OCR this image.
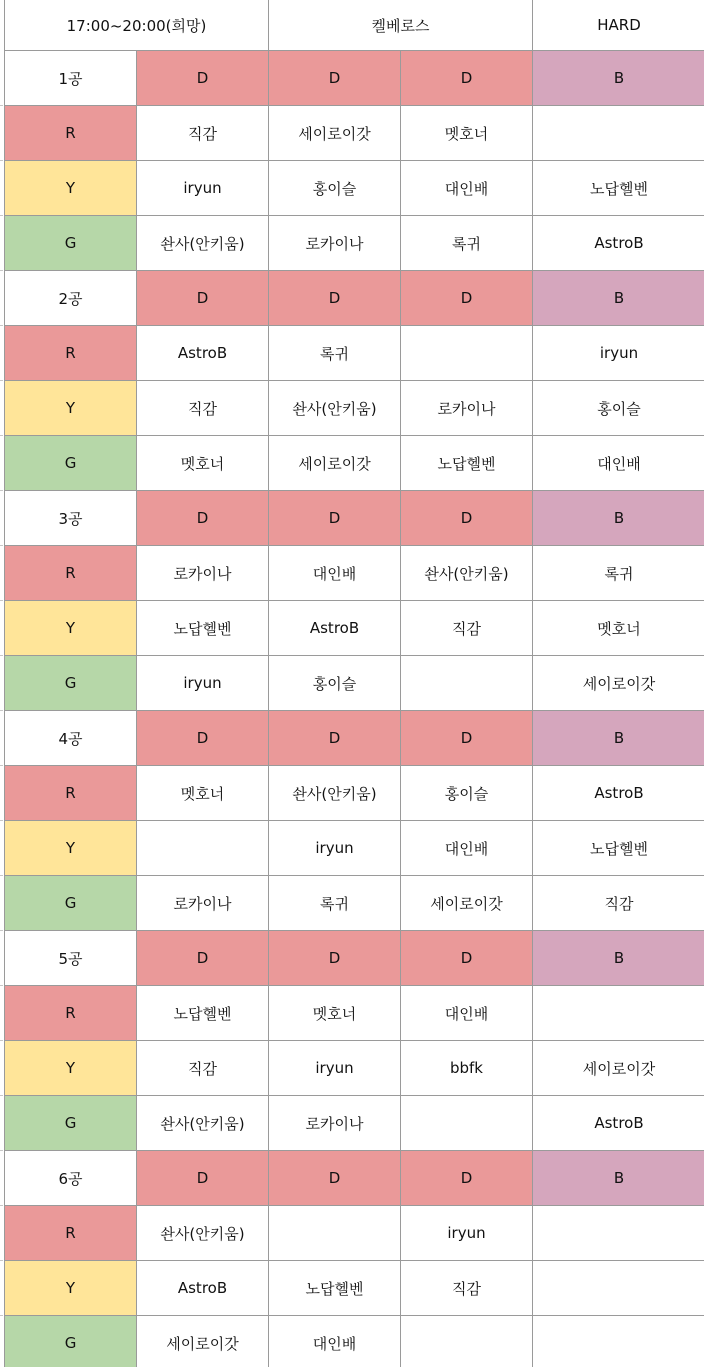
17:00~20:00(희망)		켈베로스		HARD
1공	D	D	D	B
R	직감	세이로이갓	멧호너	
Y	iryun	홍이슬	대인배	노답헬벤
G	솬사(안키움)	로카이나	록귀	AstroB
2공	D	D	D	B
R	AstroB	록귀		iryun
Y	직감	솬사(안키움)	로카이나	홍이슬
G	멧호너	세이로이갓	노답헬벤	대인배
3공	D	D	D	B
R	로카이나	대인배	솬사(안키움)	록귀
Y	노답헬벤	AstroB	직감	멧호너
G	iryun	홍이슬		세이로이갓
4공	D	D	D	B
R	멧호너	솬사(안키움)	홍이슬	AstroB
Y		iryun	대인배	노답헬벤
G	로카이나	록귀	세이로이갓	직감
5공	D	D	D	B
R	노답헬벤	멧호너	대인배	
Y	직감	iryun	bbfk	세이로이갓
G	솬사(안키움)	로카이나		AstroB
6공	D	D	D	B
R	솬사(안키움)		iryun	
Y	AstroB	노답헬벤	직감	
G	세이로이갓	대인배		
